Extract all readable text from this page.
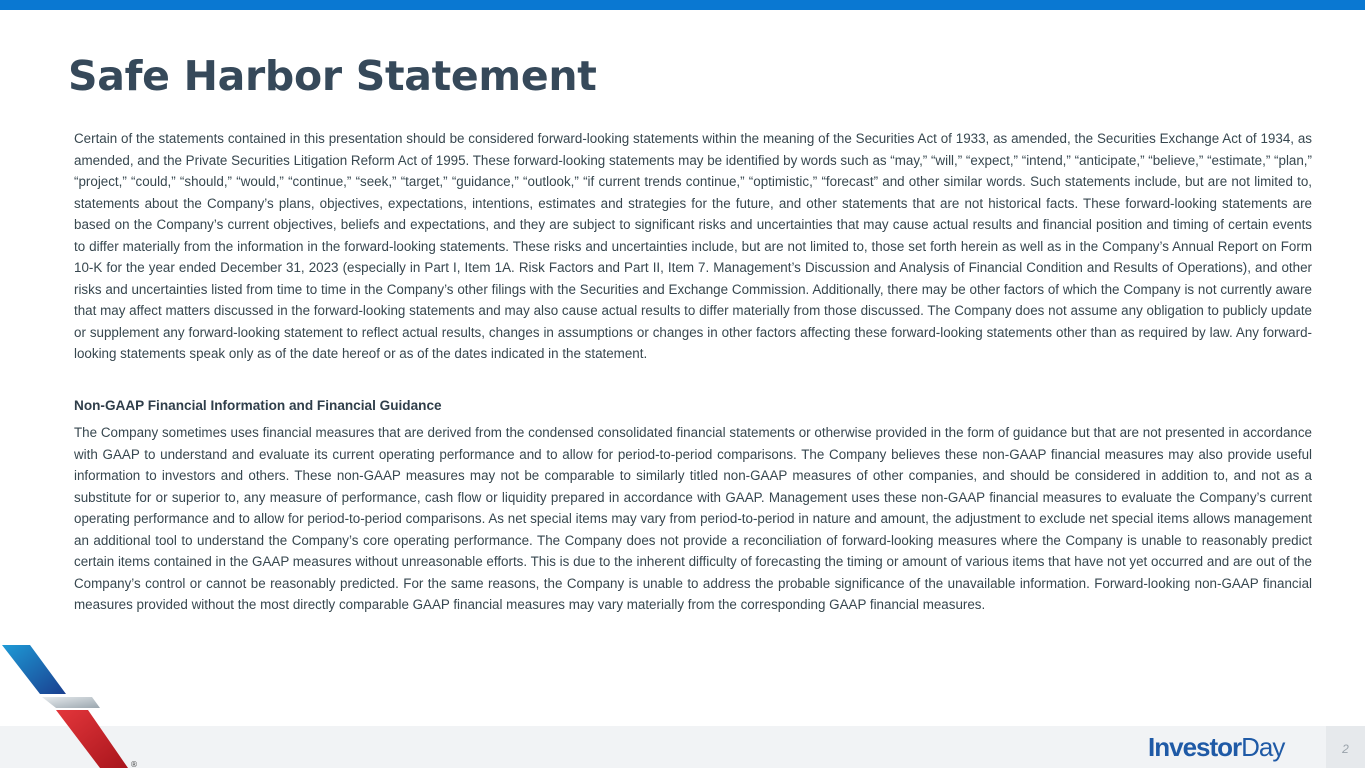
Safe Harbor Statement

Certain of the statements contained in this presentation should be considered forward-looking statements within the meaning of the Securities Act of 1933, as amended, the Securities Exchange Act of 1934, as amended, and the Private Securities Litigation Reform Act of 1995. These forward-looking statements may be identified by words such as “may,” “will,” “expect,” “intend,” “anticipate,” “believe,” “estimate,” “plan,” “project,” “could,” “should,” “would,” “continue,” “seek,” “target,” “guidance,” “outlook,” “if current trends continue,” “optimistic,” “forecast” and other similar words. Such statements include, but are not limited to, statements about the Company’s plans, objectives, expectations, intentions, estimates and strategies for the future, and other statements that are not historical facts. These forward-looking statements are based on the Company’s current objectives, beliefs and expectations, and they are subject to significant risks and uncertainties that may cause actual results and financial position and timing of certain events to differ materially from the information in the forward-looking statements. These risks and uncertainties include, but are not limited to, those set forth herein as well as in the Company’s Annual Report on Form 10-K for the year ended December 31, 2023 (especially in Part I, Item 1A. Risk Factors and Part II, Item 7. Management’s Discussion and Analysis of Financial Condition and Results of Operations), and other risks and uncertainties listed from time to time in the Company’s other filings with the Securities and Exchange Commission. Additionally, there may be other factors of which the Company is not currently aware that may affect matters discussed in the forward-looking statements and may also cause actual results to differ materially from those discussed. The Company does not assume any obligation to publicly update or supplement any forward-looking statement to reflect actual results, changes in assumptions or changes in other factors affecting these forward-looking statements other than as required by law. Any forward-looking statements speak only as of the date hereof or as of the dates indicated in the statement.

Non-GAAP Financial Information and Financial Guidance

The Company sometimes uses financial measures that are derived from the condensed consolidated financial statements or otherwise provided in the form of guidance but that are not presented in accordance with GAAP to understand and evaluate its current operating performance and to allow for period-to-period comparisons. The Company believes these non-GAAP financial measures may also provide useful information to investors and others. These non-GAAP measures may not be comparable to similarly titled non-GAAP measures of other companies, and should be considered in addition to, and not as a substitute for or superior to, any measure of performance, cash flow or liquidity prepared in accordance with GAAP. Management uses these non-GAAP financial measures to evaluate the Company’s current operating performance and to allow for period-to-period comparisons. As net special items may vary from period-to-period in nature and amount, the adjustment to exclude net special items allows management an additional tool to understand the Company’s core operating performance. The Company does not provide a reconciliation of forward-looking measures where the Company is unable to reasonably predict certain items contained in the GAAP measures without unreasonable efforts. This is due to the inherent difficulty of forecasting the timing or amount of various items that have not yet occurred and are out of the Company’s control or cannot be reasonably predicted. For the same reasons, the Company is unable to address the probable significance of the unavailable information. Forward-looking non-GAAP financial measures provided without the most directly comparable GAAP financial measures may vary materially from the corresponding GAAP financial measures.

®
InvestorDay	2
